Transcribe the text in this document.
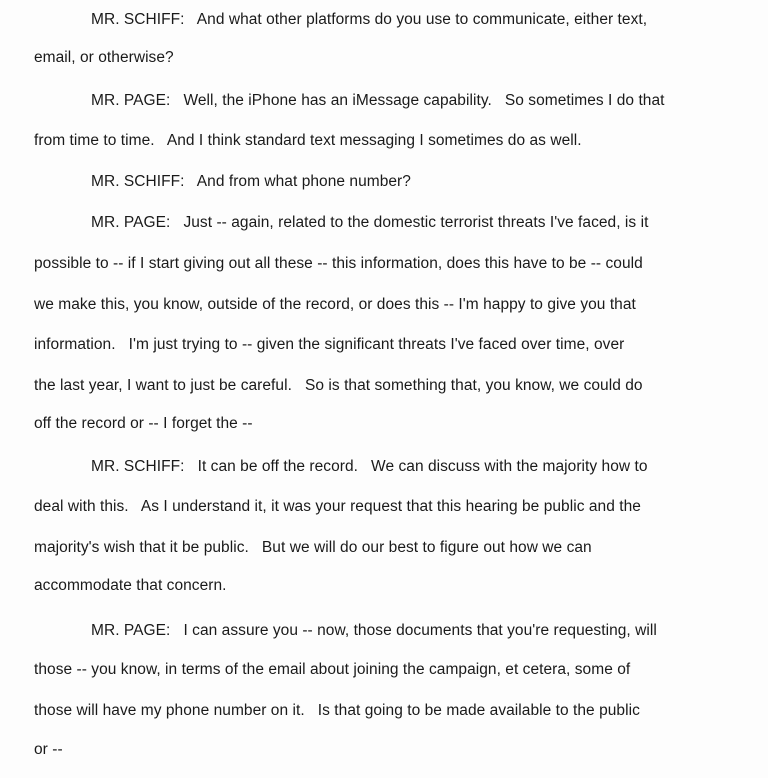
MR. SCHIFF:   And what other platforms do you use to communicate, either text,
email, or otherwise?
MR. PAGE:   Well, the iPhone has an iMessage capability.   So sometimes I do that
from time to time.   And I think standard text messaging I sometimes do as well.
MR. SCHIFF:   And from what phone number?
MR. PAGE:   Just -- again, related to the domestic terrorist threats I've faced, is it
possible to -- if I start giving out all these -- this information, does this have to be -- could
we make this, you know, outside of the record, or does this -- I'm happy to give you that
information.   I'm just trying to -- given the significant threats I've faced over time, over
the last year, I want to just be careful.   So is that something that, you know, we could do
off the record or -- I forget the --
MR. SCHIFF:   It can be off the record.   We can discuss with the majority how to
deal with this.   As I understand it, it was your request that this hearing be public and the
majority's wish that it be public.   But we will do our best to figure out how we can
accommodate that concern.
MR. PAGE:   I can assure you -- now, those documents that you're requesting, will
those -- you know, in terms of the email about joining the campaign, et cetera, some of
those will have my phone number on it.   Is that going to be made available to the public
or --
